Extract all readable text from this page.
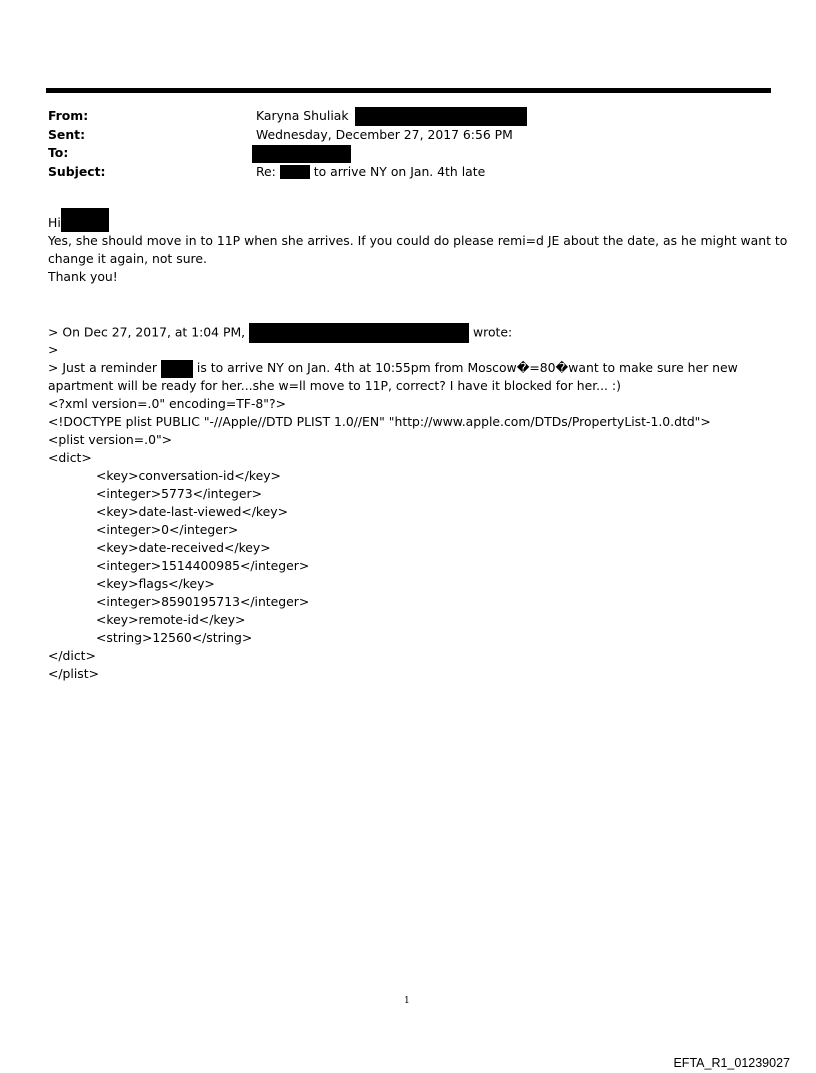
From:	Karyna Shuliak
Sent:	Wednesday, December 27, 2017 6:56 PM
To:
Subject:	Re:	to arrive NY on Jan. 4th late
Hi
Yes, she should move in to 11P when she arrives. If you could do please remi=d JE about the date, as he might want to
change it again, not sure.
Thank you!
> On Dec 27, 2017, at 1:04 PM,	wrote:
>
> Just a reminder	is to arrive NY on Jan. 4th at 10:55pm from Moscow�=80�want to make sure her new
apartment will be ready for her...she w=ll move to 11P, correct? I have it blocked for her... :)
<?xml version=.0" encoding=TF-8"?>
<!DOCTYPE plist PUBLIC "-//Apple//DTD PLIST 1.0//EN" "http://www.apple.com/DTDs/PropertyList-1.0.dtd">
<plist version=.0">
<dict>
<key>conversation-id</key>
<integer>5773</integer>
<key>date-last-viewed</key>
<integer>0</integer>
<key>date-received</key>
<integer>1514400985</integer>
<key>flags</key>
<integer>8590195713</integer>
<key>remote-id</key>
<string>12560</string>
</dict>
</plist>
1
EFTA_R1_01239027
